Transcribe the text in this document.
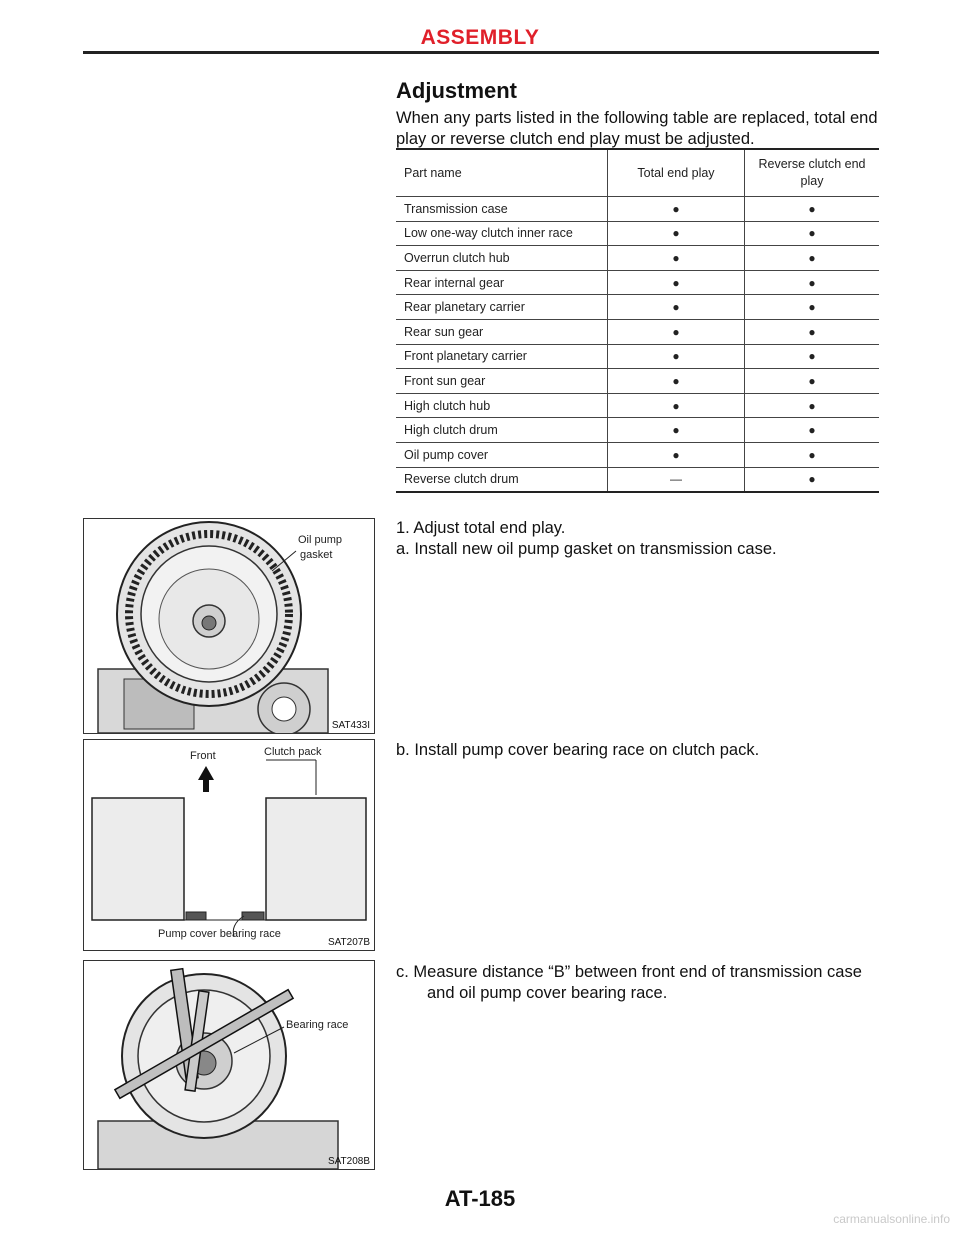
ASSEMBLY
Adjustment
When any parts listed in the following table are replaced, total end play or reverse clutch end play must be adjusted.
Part name	Total end play	Reverse clutch end play
Transmission case	●	●
Low one-way clutch inner race	●	●
Overrun clutch hub	●	●
Rear internal gear	●	●
Rear planetary carrier	●	●
Rear sun gear	●	●
Front planetary carrier	●	●
Front sun gear	●	●
High clutch hub	●	●
High clutch drum	●	●
Oil pump cover	●	●
Reverse clutch drum	—	●
Oil pump
gasket
SAT433I
Front	Clutch pack
Pump cover bearing race
SAT207B
Bearing race
SAT208B
1. Adjust total end play.
a. Install new oil pump gasket on transmission case.
b. Install pump cover bearing race on clutch pack.
c. Measure distance “B” between front end of transmission case and oil pump cover bearing race.
AT-185
carmanualsonline.info
